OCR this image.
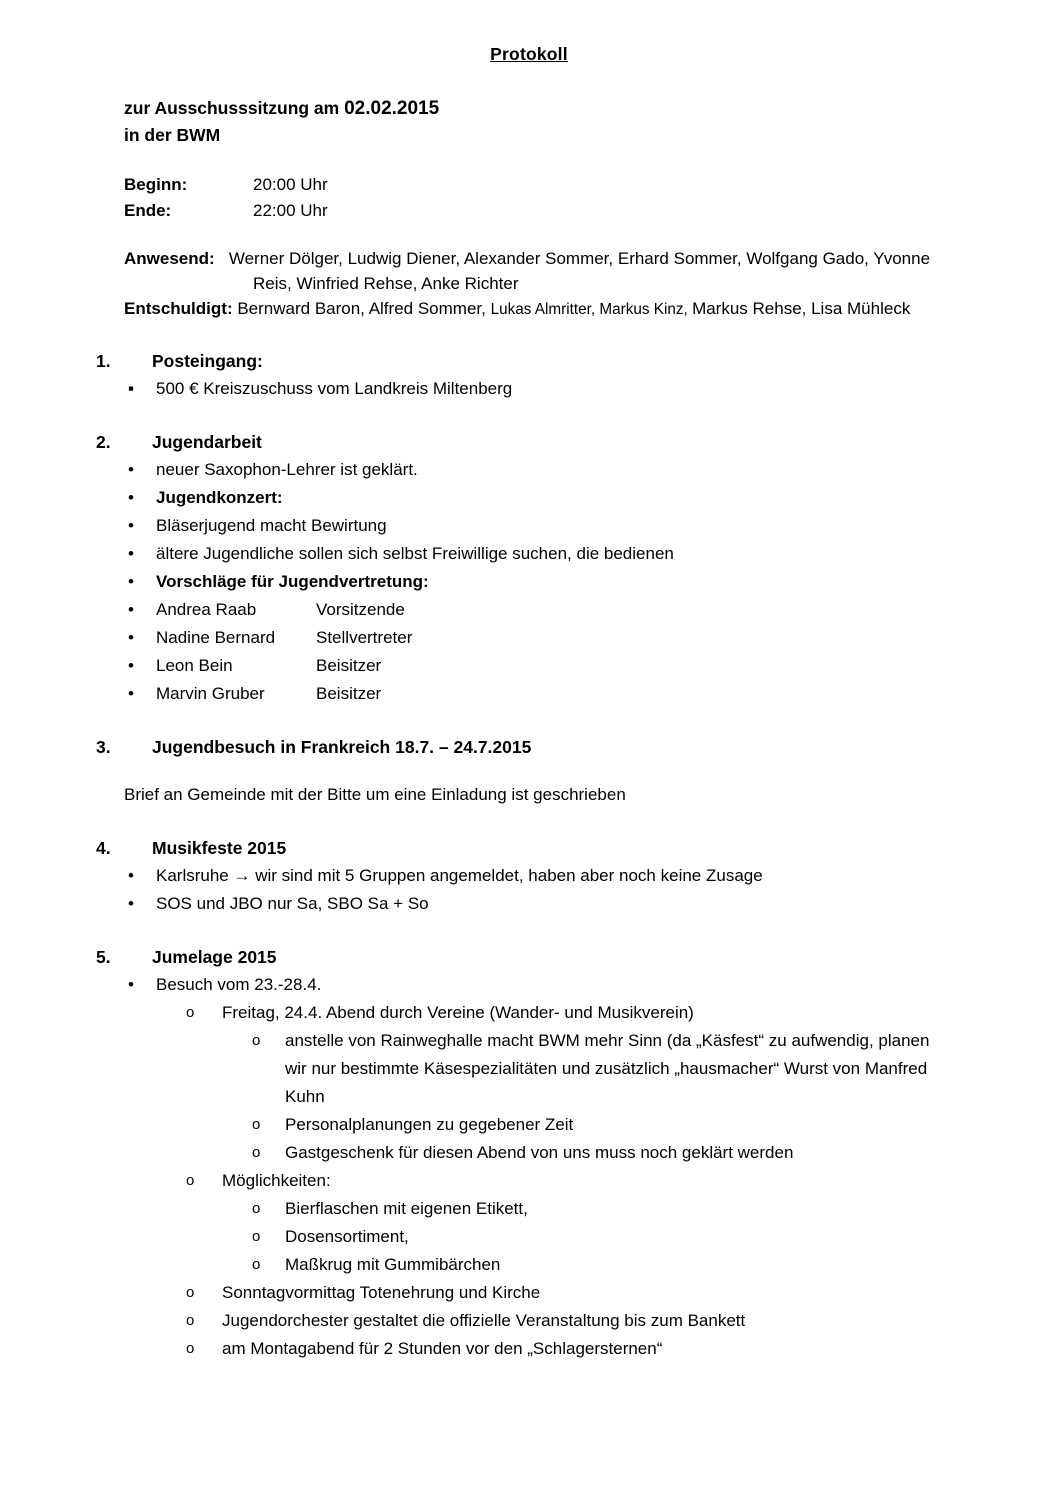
Protokoll
zur Ausschusssitzung am 02.02.2015
in der BWM
Beginn:	20:00 Uhr
Ende:	22:00 Uhr
Anwesend: Werner Dölger, Ludwig Diener, Alexander Sommer, Erhard Sommer, Wolfgang Gado, Yvonne Reis, Winfried Rehse, Anke Richter
Entschuldigt: Bernward Baron, Alfred Sommer, Lukas Almritter, Markus Kinz, Markus Rehse, Lisa Mühleck
1. Posteingang:
▪ 500 € Kreiszuschuss vom Landkreis Miltenberg
2. Jugendarbeit
• neuer Saxophon-Lehrer ist geklärt.
• Jugendkonzert:
• Bläserjugend macht Bewirtung
• ältere Jugendliche sollen sich selbst Freiwillige suchen, die bedienen
• Vorschläge für Jugendvertretung:
• Andrea Raab	Vorsitzende
• Nadine Bernard Stellvertreter
• Leon Bein	Beisitzer
• Marvin Gruber	Beisitzer
3. Jugendbesuch in Frankreich 18.7. – 24.7.2015
Brief an Gemeinde mit der Bitte um eine Einladung ist geschrieben
4. Musikfeste 2015
• Karlsruhe → wir sind mit 5 Gruppen angemeldet, haben aber noch keine Zusage
• SOS und JBO nur Sa, SBO Sa + So
5. Jumelage 2015
• Besuch vom 23.-28.4.
o Freitag, 24.4. Abend durch Vereine (Wander- und Musikverein)
o anstelle von Rainweghalle macht BWM mehr Sinn (da „Käsfest“ zu aufwendig, planen wir nur bestimmte Käsespezialitäten und zusätzlich „hausmacher“ Wurst von Manfred Kuhn
o Personalplanungen zu gegebener Zeit
o Gastgeschenk für diesen Abend von uns muss noch geklärt werden
o Möglichkeiten:
o Bierflaschen mit eigenen Etikett,
o Dosensortiment,
o Maßkrug mit Gummibärchen
o Sonntagvormittag Totenehrung und Kirche
o Jugendorchester gestaltet die offizielle Veranstaltung bis zum Bankett
o am Montagabend für 2 Stunden vor den „Schlagersternen“
